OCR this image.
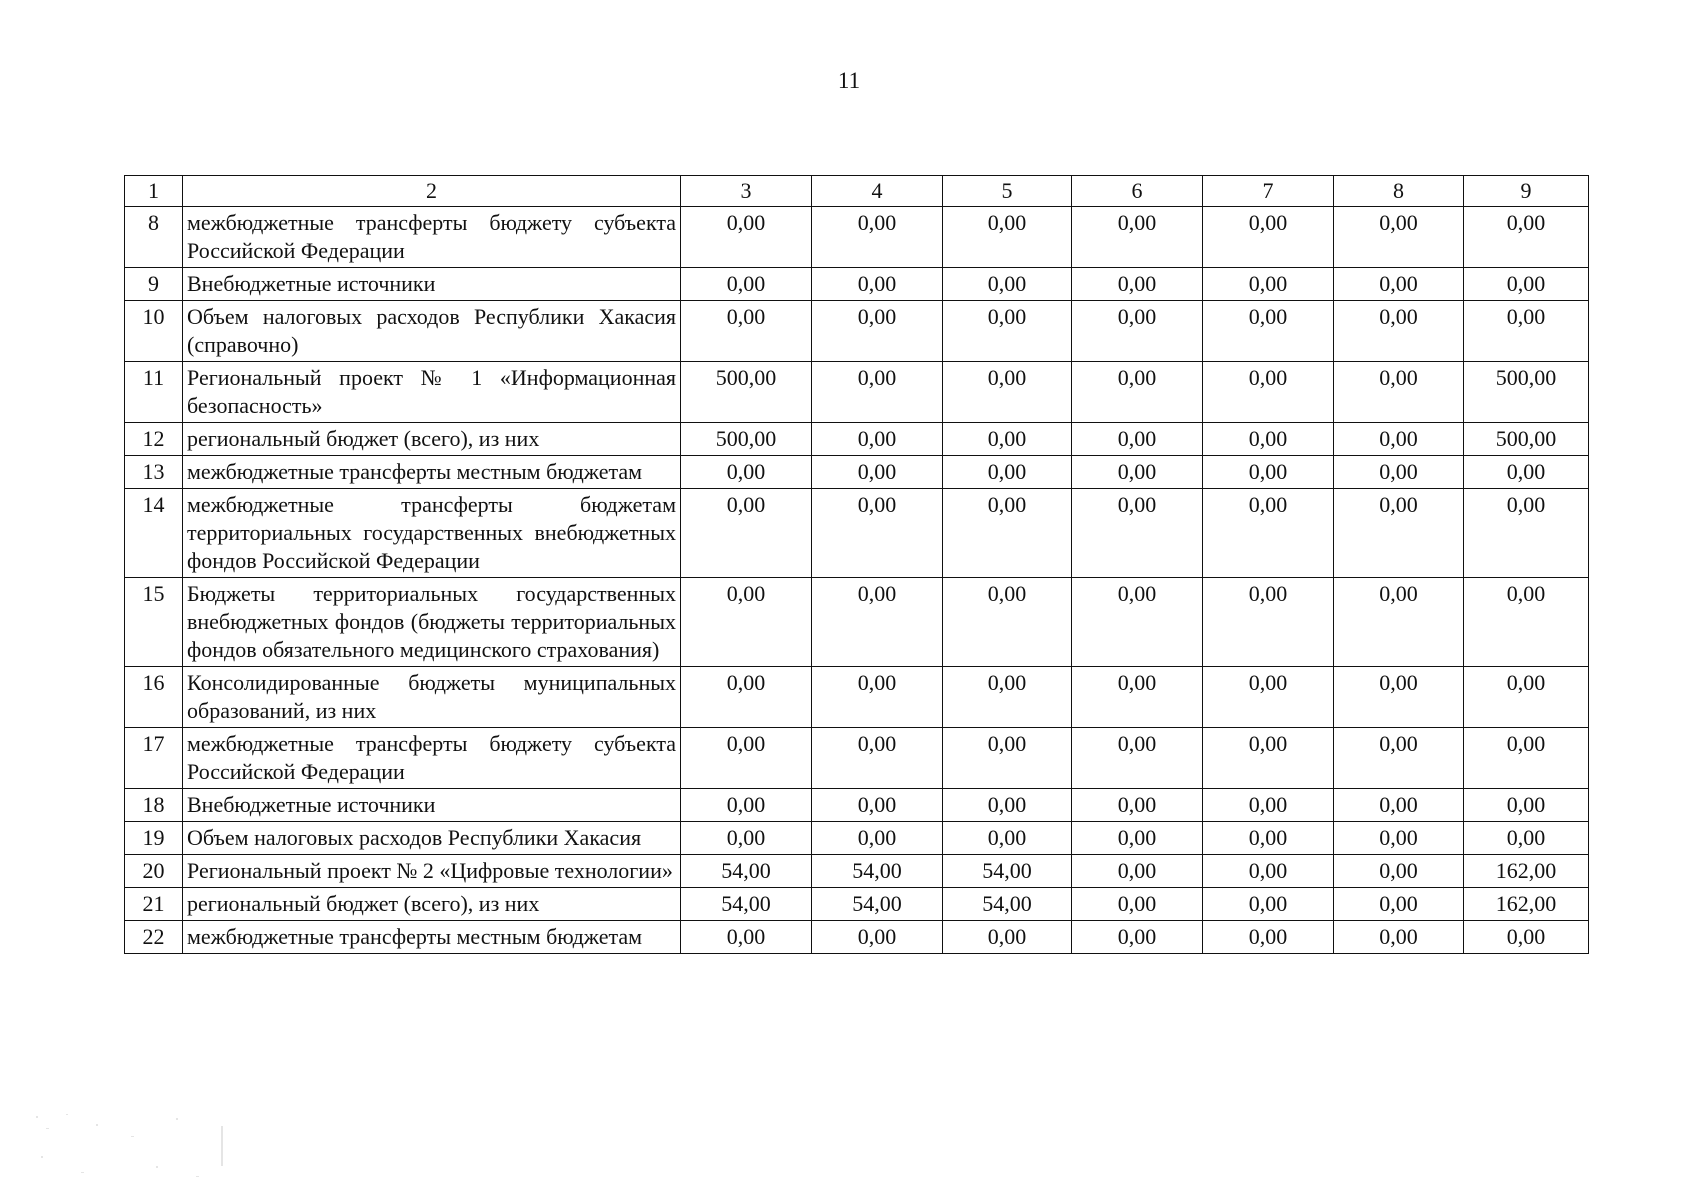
11
1	2	3	4	5	6	7	8	9
8	межбюджетные трансферты бюджету субъекта Российской Федерации	0,00	0,00	0,00	0,00	0,00	0,00	0,00
9	Внебюджетные источники	0,00	0,00	0,00	0,00	0,00	0,00	0,00
10	Объем налоговых расходов Республики Хакасия (справочно)	0,00	0,00	0,00	0,00	0,00	0,00	0,00
11	Региональный проект № 1 «Информационная безопасность»	500,00	0,00	0,00	0,00	0,00	0,00	500,00
12	региональный бюджет (всего), из них	500,00	0,00	0,00	0,00	0,00	0,00	500,00
13	межбюджетные трансферты местным бюджетам	0,00	0,00	0,00	0,00	0,00	0,00	0,00
14	межбюджетные трансферты бюджетам территориальных государственных внебюджетных фондов Российской Федерации	0,00	0,00	0,00	0,00	0,00	0,00	0,00
15	Бюджеты территориальных государственных внебюджетных фондов (бюджеты территориальных фондов обязательного медицинского страхования)	0,00	0,00	0,00	0,00	0,00	0,00	0,00
16	Консолидированные бюджеты муниципальных образований, из них	0,00	0,00	0,00	0,00	0,00	0,00	0,00
17	межбюджетные трансферты бюджету субъекта Российской Федерации	0,00	0,00	0,00	0,00	0,00	0,00	0,00
18	Внебюджетные источники	0,00	0,00	0,00	0,00	0,00	0,00	0,00
19	Объем налоговых расходов Республики Хакасия	0,00	0,00	0,00	0,00	0,00	0,00	0,00
20	Региональный проект № 2 «Цифровые технологии»	54,00	54,00	54,00	0,00	0,00	0,00	162,00
21	региональный бюджет (всего), из них	54,00	54,00	54,00	0,00	0,00	0,00	162,00
22	межбюджетные трансферты местным бюджетам	0,00	0,00	0,00	0,00	0,00	0,00	0,00
